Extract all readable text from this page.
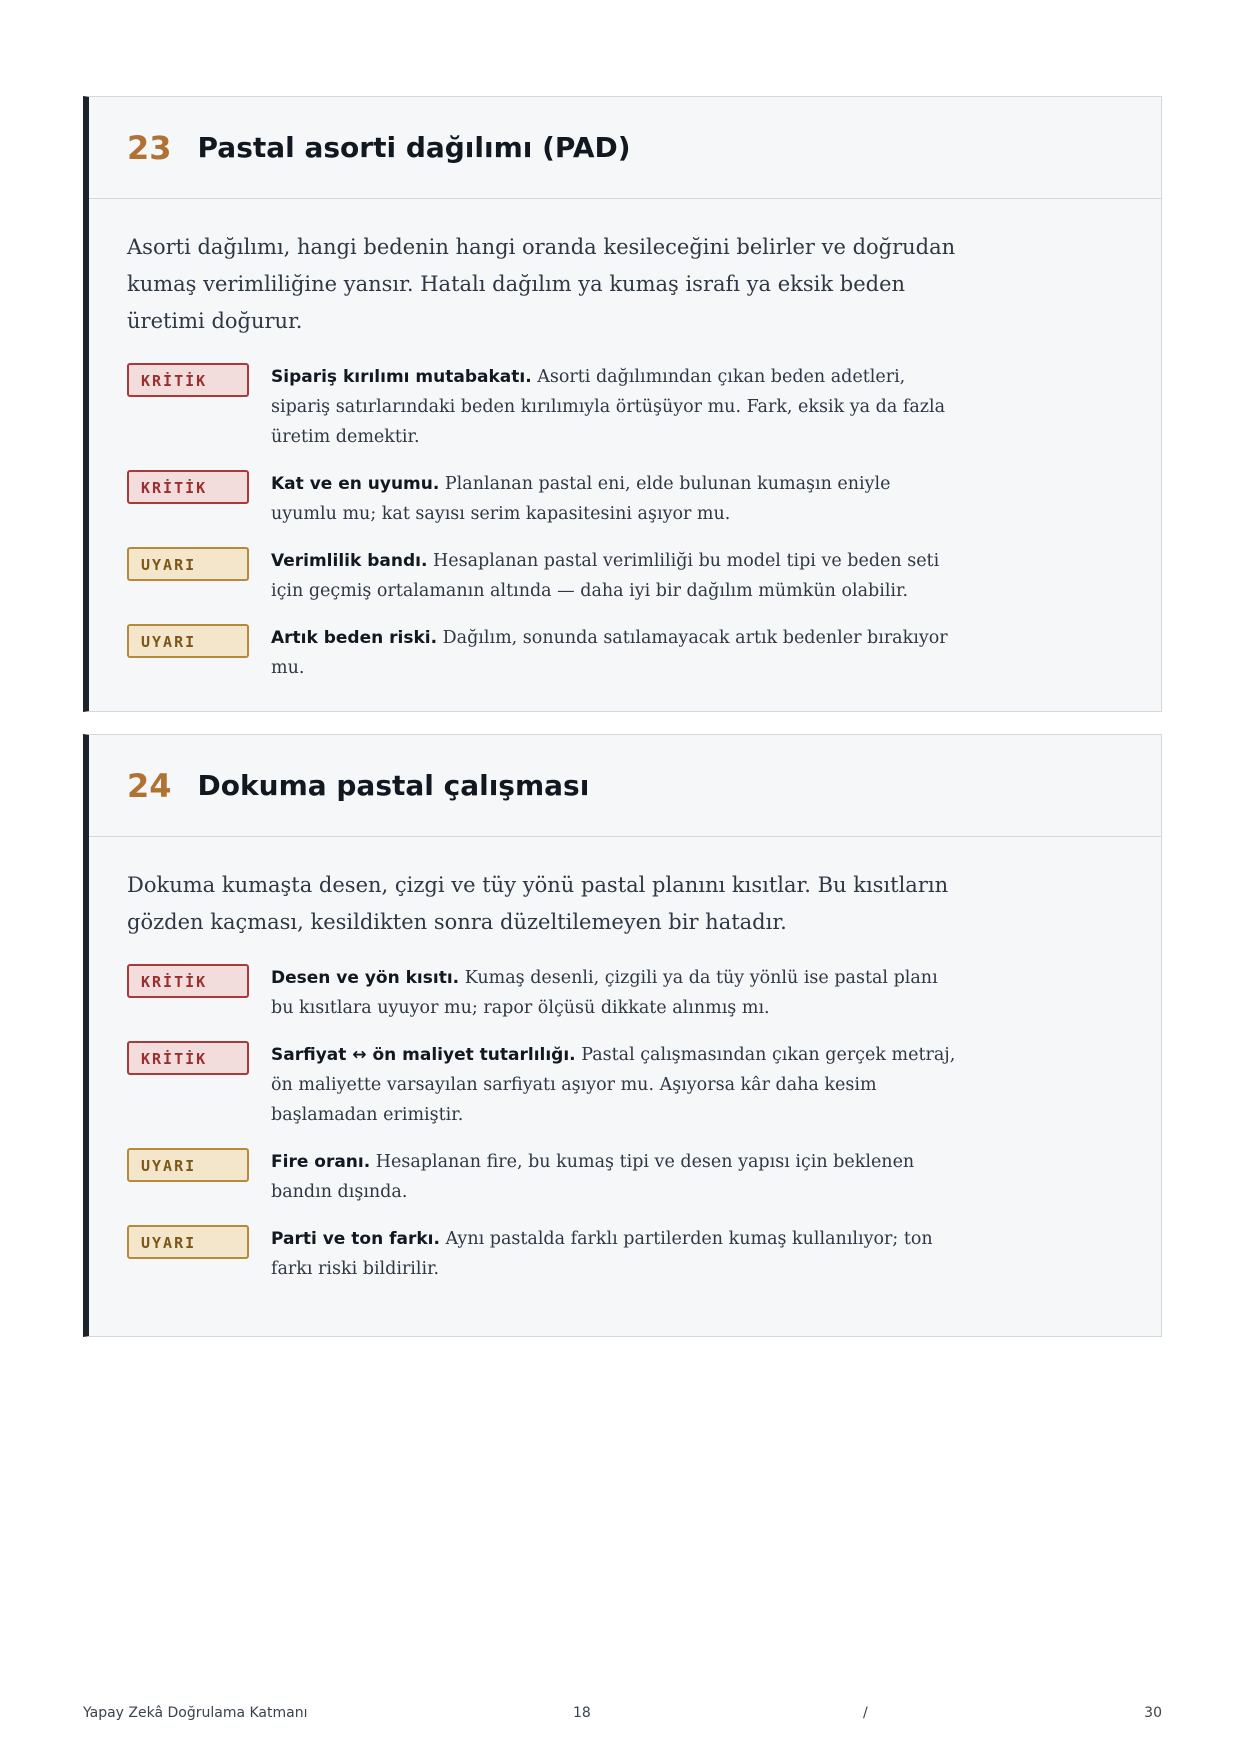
23 Pastal asorti dağılımı (PAD)

Asorti dağılımı, hangi bedenin hangi oranda kesileceğini belirler ve doğrudan kumaş verimliliğine yansır. Hatalı dağılım ya kumaş israfı ya eksik beden üretimi doğurur.

KRİTİK	Sipariş kırılımı mutabakatı. Asorti dağılımından çıkan beden adetleri, sipariş satırlarındaki beden kırılımıyla örtüşüyor mu. Fark, eksik ya da fazla üretim demektir.
KRİTİK	Kat ve en uyumu. Planlanan pastal eni, elde bulunan kumaşın eniyle uyumlu mu; kat sayısı serim kapasitesini aşıyor mu.
UYARI	Verimlilik bandı. Hesaplanan pastal verimliliği bu model tipi ve beden seti için geçmiş ortalamanın altında — daha iyi bir dağılım mümkün olabilir.
UYARI	Artık beden riski. Dağılım, sonunda satılamayacak artık bedenler bırakıyor mu.
24 Dokuma pastal çalışması

Dokuma kumaşta desen, çizgi ve tüy yönü pastal planını kısıtlar. Bu kısıtların gözden kaçması, kesildikten sonra düzeltilemeyen bir hatadır.

KRİTİK	Desen ve yön kısıtı. Kumaş desenli, çizgili ya da tüy yönlü ise pastal planı bu kısıtlara uyuyor mu; rapor ölçüsü dikkate alınmış mı.
KRİTİK	Sarfiyat ↔ ön maliyet tutarlılığı. Pastal çalışmasından çıkan gerçek metraj, ön maliyette varsayılan sarfiyatı aşıyor mu. Aşıyorsa kâr daha kesim başlamadan erimiştir.
UYARI	Fire oranı. Hesaplanan fire, bu kumaş tipi ve desen yapısı için beklenen bandın dışında.
UYARI	Parti ve ton farkı. Aynı pastalda farklı partilerden kumaş kullanılıyor; ton farkı riski bildirilir.
Yapay Zekâ Doğrulama Katmanı	18	/	30
